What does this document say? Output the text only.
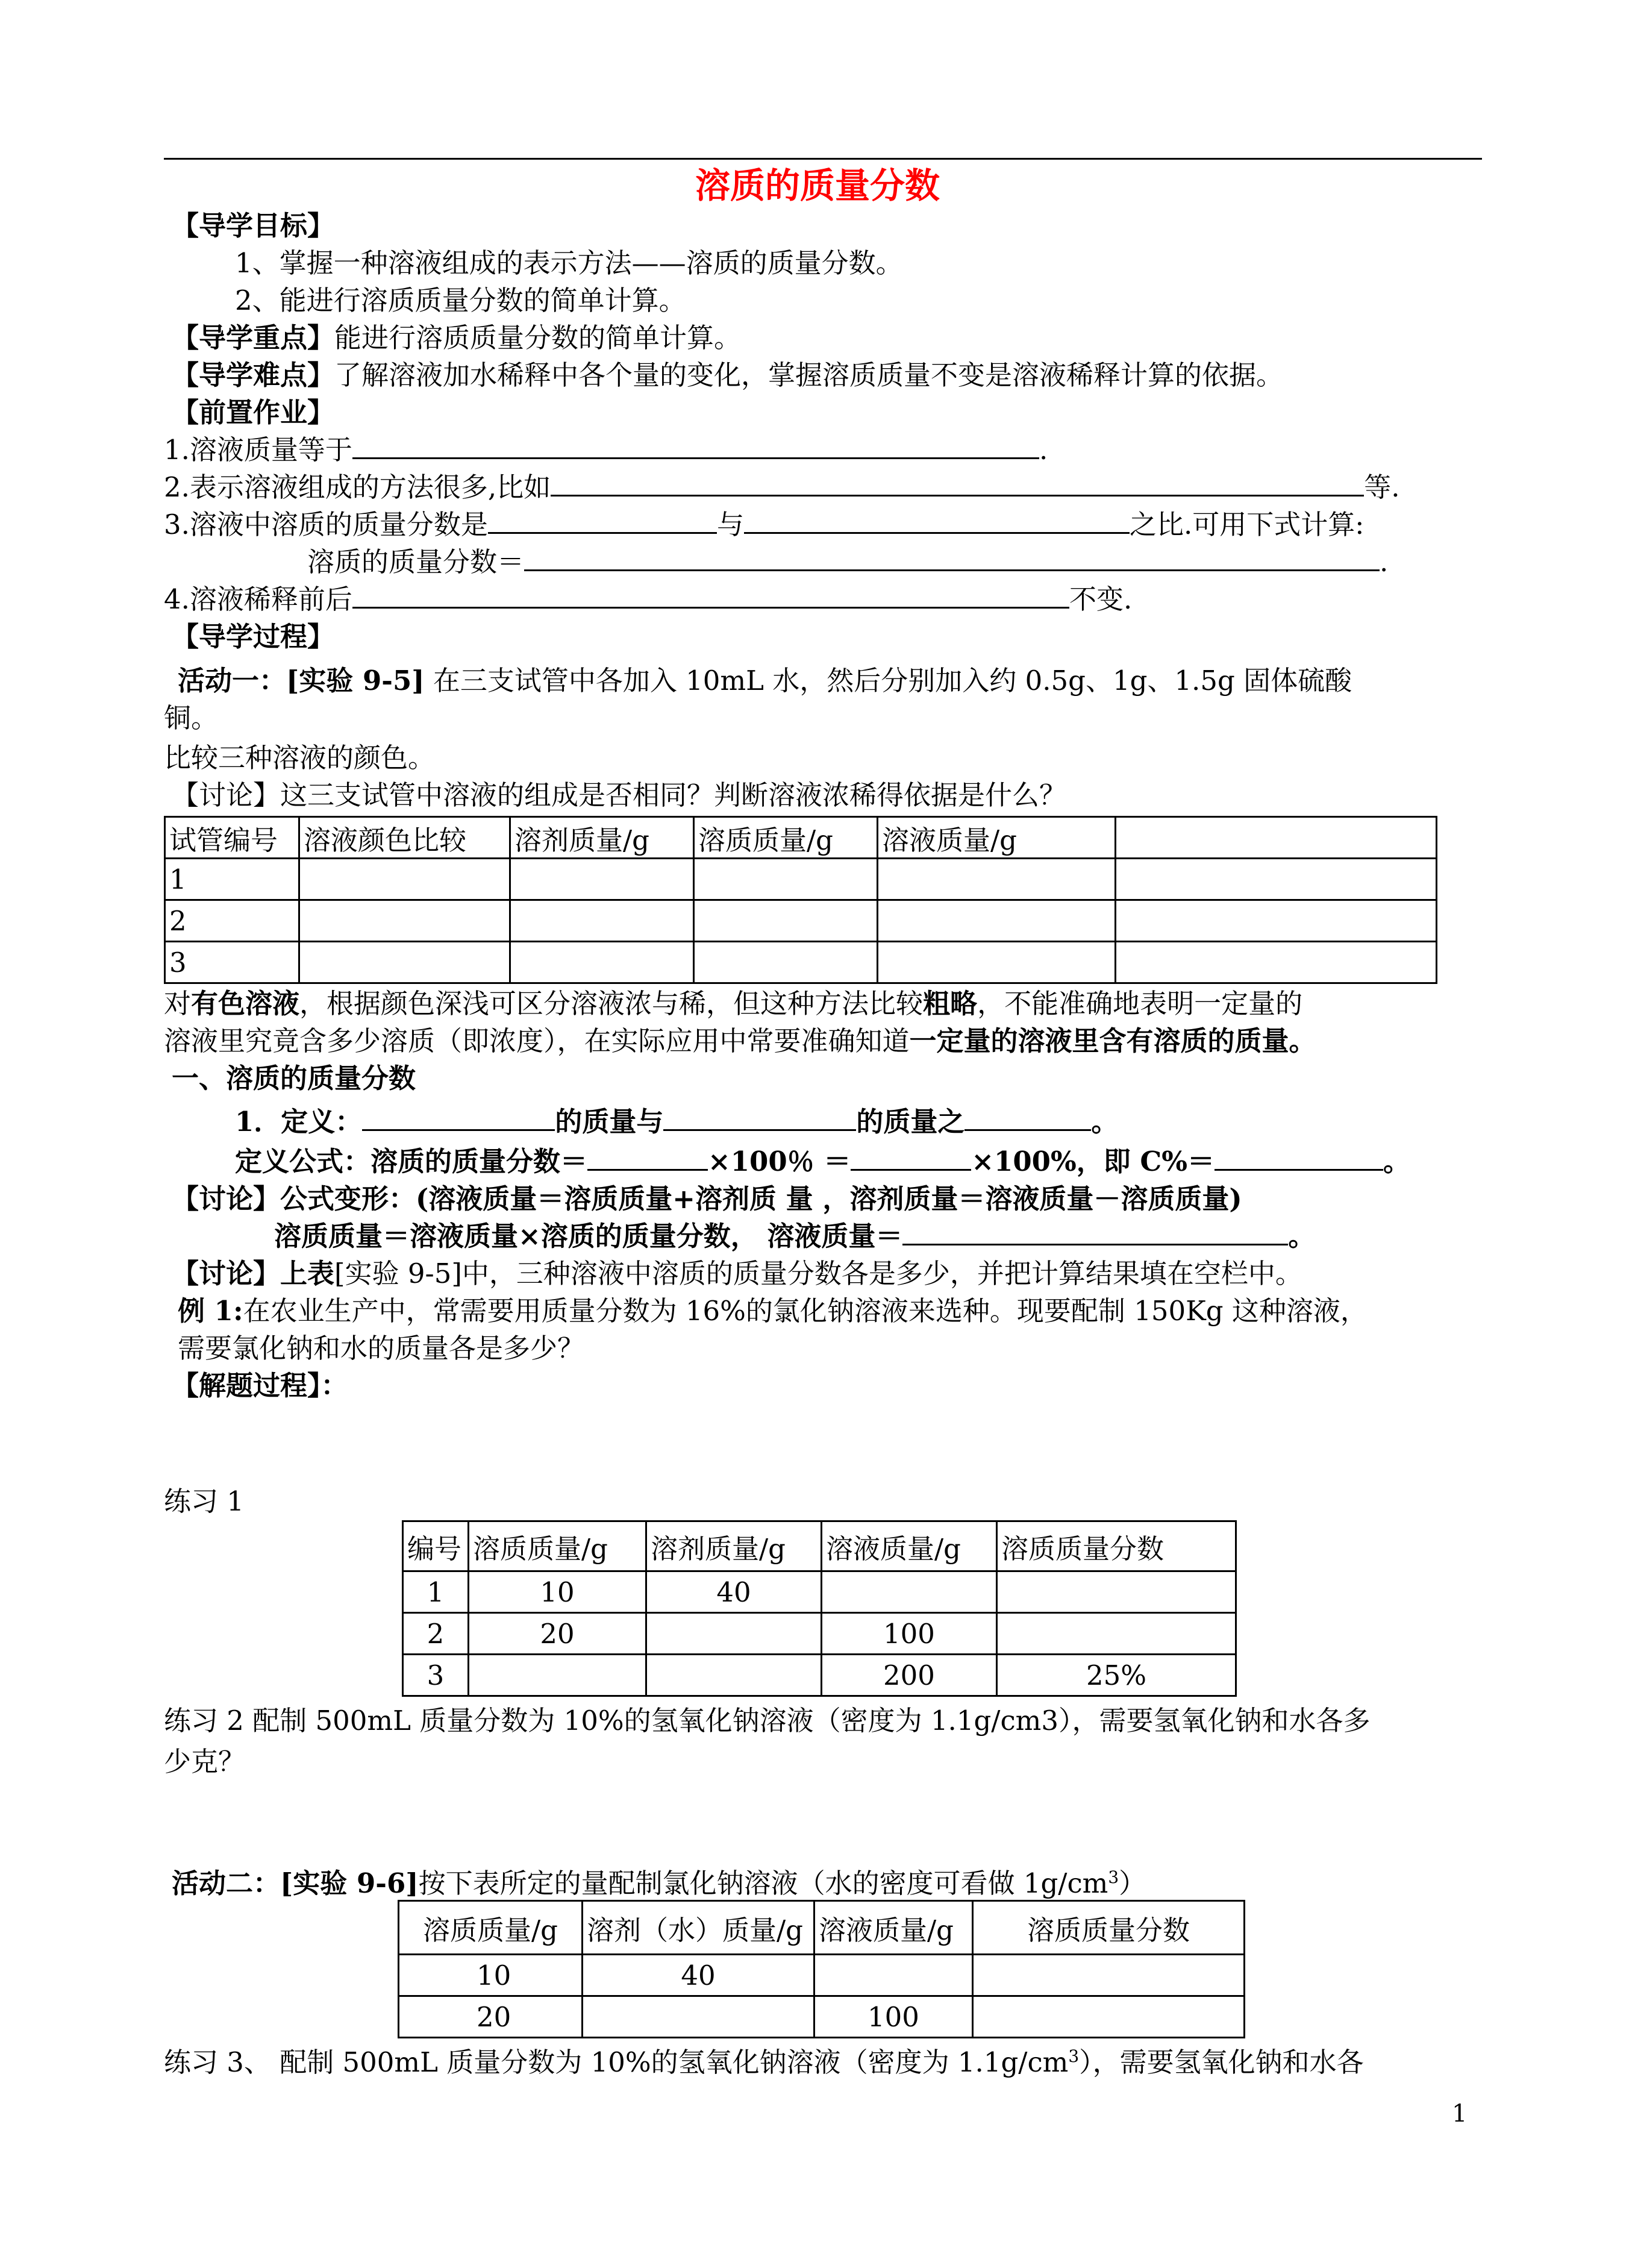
溶质的质量分数
【导学目标】
1、掌握一种溶液组成的表示方法——溶质的质量分数。
2、能进行溶质质量分数的简单计算。
【导学重点】能进行溶质质量分数的简单计算。
【导学难点】了解溶液加水稀释中各个量的变化，掌握溶质质量不变是溶液稀释计算的依据。
【前置作业】
1.溶液质量等于	.
2.表示溶液组成的方法很多,比如	等.
3.溶液中溶质的质量分数是	与	之比.可用下式计算:
溶质的质量分数＝	.
4.溶液稀释前后	不变.
【导学过程】
活动一：[实验 9-5] 在三支试管中各加入 10mL 水，然后分别加入约 0.5g、1g、1.5g 固体硫酸
铜。
比较三种溶液的颜色。
【讨论】这三支试管中溶液的组成是否相同？判断溶液浓稀得依据是什么？
试管编号	溶液颜色比较	溶剂质量/g	溶质质量/g	溶液质量/g	
1					
2					
3					
对有色溶液，根据颜色深浅可区分溶液浓与稀，但这种方法比较粗略，不能准确地表明一定量的
溶液里究竟含多少溶质（即浓度），在实际应用中常要准确知道一定量的溶液里含有溶质的质量。
一、溶质的质量分数
1．定义：	的质量与	的质量之	。
定义公式：溶质的质量分数＝	×100％ ＝	×100%，即 C%＝	。
【讨论】公式变形：(溶液质量＝溶质质量+溶剂质 量 ，溶剂质量＝溶液质量－溶质质量)
溶质质量＝溶液质量×溶质的质量分数， 溶液质量＝	。
【讨论】上表[实验 9-5]中，三种溶液中溶质的质量分数各是多少，并把计算结果填在空栏中。
例 1:在农业生产中，常需要用质量分数为 16%的氯化钠溶液来选种。现要配制 150Kg 这种溶液，
需要氯化钠和水的质量各是多少？
【解题过程】：
练习 1
编号	溶质质量/g	溶剂质量/g	溶液质量/g	溶质质量分数
1	10	40		
2	20		100	
3			200	25%
练习 2 配制 500mL 质量分数为 10%的氢氧化钠溶液（密度为 1.1g/cm3），需要氢氧化钠和水各多
少克？
活动二：[实验 9-6]按下表所定的量配制氯化钠溶液（水的密度可看做 $1g/cm^3$）
溶质质量/g	溶剂（水）质量/g	溶液质量/g	溶质质量分数
10	40		
20		100	
练习 3、 配制 500mL 质量分数为 10%的氢氧化钠溶液（密度为 $1.1g/cm^3$），需要氢氧化钠和水各
1
